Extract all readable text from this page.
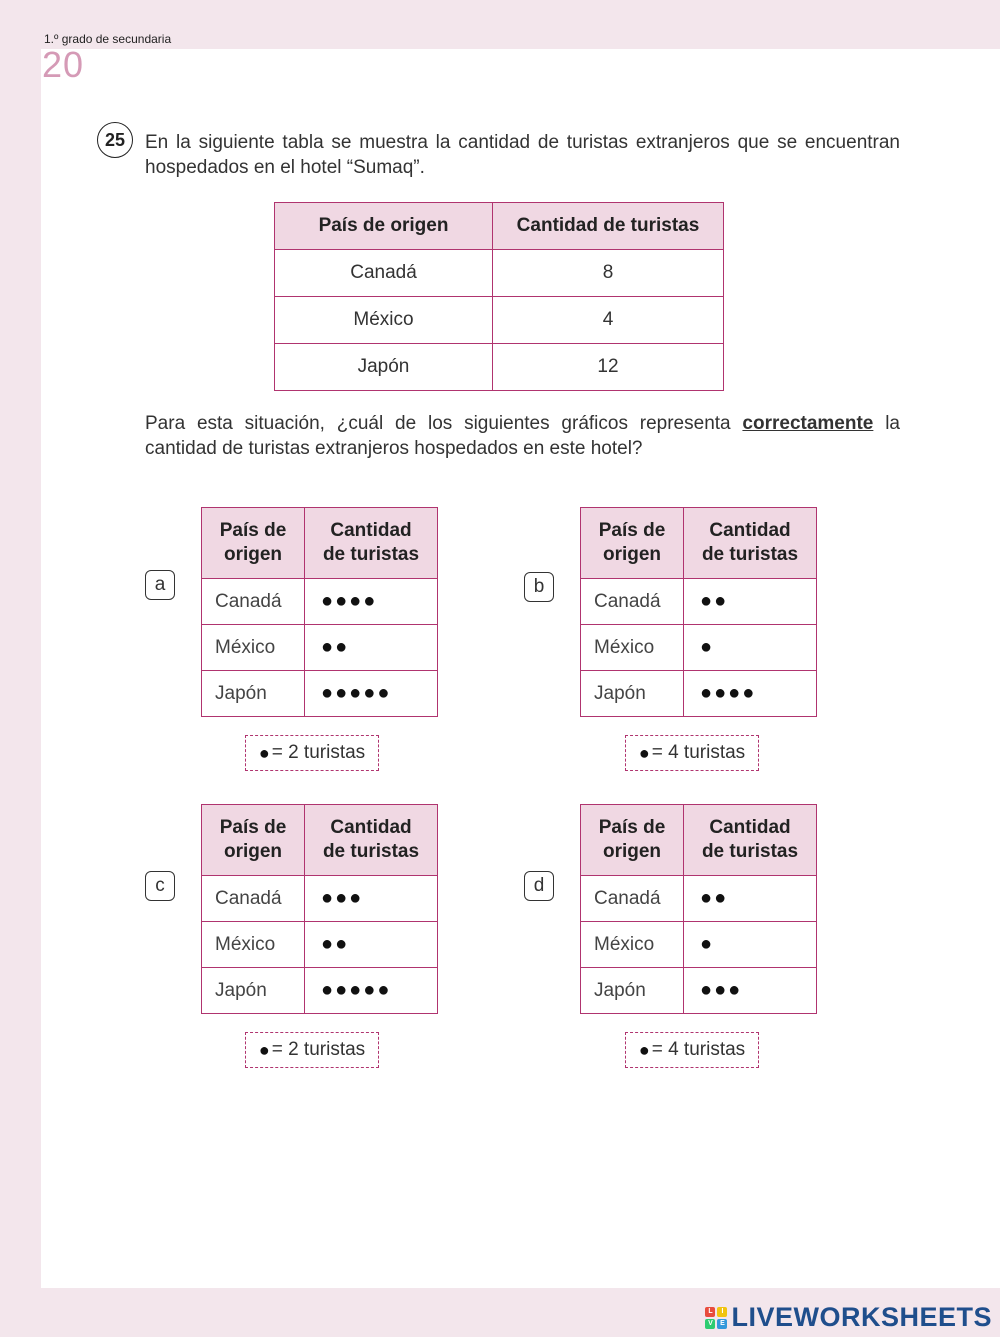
1.º grado de secundaria
20
25	En la siguiente tabla se muestra la cantidad de turistas extranjeros que se encuentran
hospedados en el hotel “Sumaq”.
País de origen	Cantidad de turistas
Canadá	8
México	4
Japón	12
Para esta situación, ¿cuál de los siguientes gráficos representa correctamente la
cantidad de turistas extranjeros hospedados en este hotel?
a
País de
origen	Cantidad
de turistas
Canadá	●●●●
México	●●
Japón	●●●●●
● = 2 turistas
b
País de
origen	Cantidad
de turistas
Canadá	●●
México	●
Japón	●●●●
● = 4 turistas
c
País de
origen	Cantidad
de turistas
Canadá	●●●
México	●●
Japón	●●●●●
● = 2 turistas
d
País de
origen	Cantidad
de turistas
Canadá	●●
México	●
Japón	●●●
● = 4 turistas
L	I
V	E LIVEWORKSHEETS
